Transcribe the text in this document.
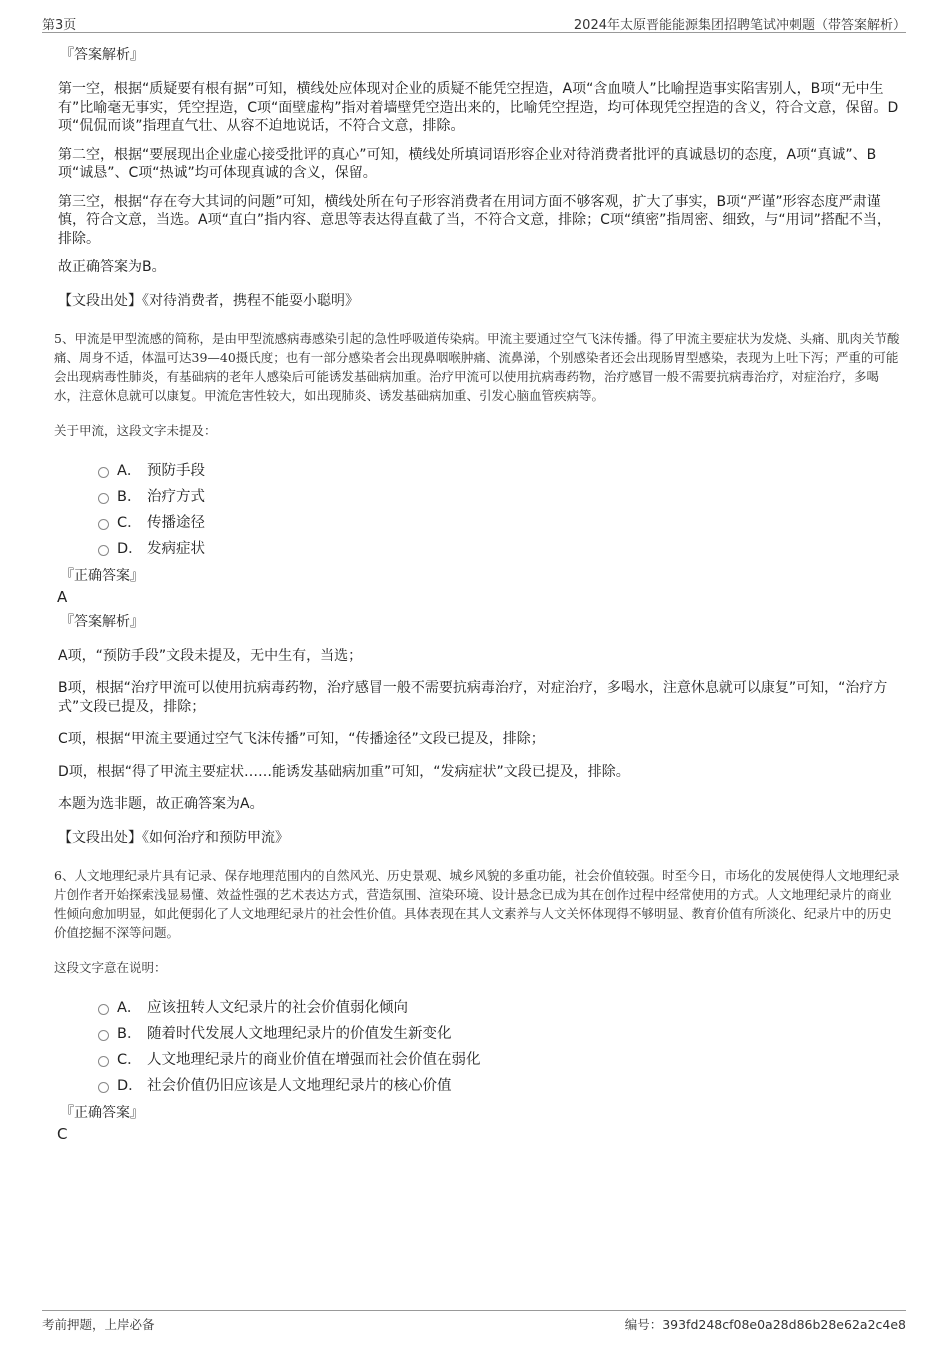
第3页	2024年太原晋能能源集团招聘笔试冲刺题（带答案解析）
『答案解析』
第一空，根据“质疑要有根有据”可知，横线处应体现对企业的质疑不能凭空捏造，A项“含血喷人”比喻捏造事实陷害别人，B项“无中生有”比喻毫无事实，凭空捏造，C项“面壁虚构”指对着墙壁凭空造出来的，比喻凭空捏造，均可体现凭空捏造的含义，符合文意，保留。D项“侃侃而谈”指理直气壮、从容不迫地说话，不符合文意，排除。
第二空，根据“要展现出企业虚心接受批评的真心”可知，横线处所填词语形容企业对待消费者批评的真诚恳切的态度，A项“真诚”、B项“诚恳”、C项“热诚”均可体现真诚的含义，保留。
第三空，根据“存在夸大其词的问题”可知，横线处所在句子形容消费者在用词方面不够客观，扩大了事实，B项“严谨”形容态度严肃谨慎，符合文意，当选。A项“直白”指内容、意思等表达得直截了当，不符合文意，排除；C项“缜密”指周密、细致，与“用词”搭配不当，排除。
故正确答案为B。
【文段出处】《对待消费者，携程不能耍小聪明》
5、甲流是甲型流感的简称，是由甲型流感病毒感染引起的急性呼吸道传染病。甲流主要通过空气飞沫传播。得了甲流主要症状为发烧、头痛、肌肉关节酸痛、周身不适，体温可达39—40摄氏度；也有一部分感染者会出现鼻咽喉肿痛、流鼻涕，个别感染者还会出现肠胃型感染，表现为上吐下泻；严重的可能会出现病毒性肺炎，有基础病的老年人感染后可能诱发基础病加重。治疗甲流可以使用抗病毒药物，治疗感冒一般不需要抗病毒治疗，对症治疗，多喝水，注意休息就可以康复。甲流危害性较大，如出现肺炎、诱发基础病加重、引发心脑血管疾病等。
关于甲流，这段文字未提及：
A． 预防手段
B． 治疗方式
C． 传播途径
D． 发病症状
『正确答案』
A
『答案解析』
A项，“预防手段”文段未提及，无中生有，当选；
B项，根据“治疗甲流可以使用抗病毒药物，治疗感冒一般不需要抗病毒治疗，对症治疗，多喝水，注意休息就可以康复”可知，“治疗方式”文段已提及，排除；
C项，根据“甲流主要通过空气飞沫传播”可知，“传播途径”文段已提及，排除；
D项，根据“得了甲流主要症状……能诱发基础病加重”可知，“发病症状”文段已提及，排除。
本题为选非题，故正确答案为A。
【文段出处】《如何治疗和预防甲流》
6、人文地理纪录片具有记录、保存地理范围内的自然风光、历史景观、城乡风貌的多重功能，社会价值较强。时至今日，市场化的发展使得人文地理纪录片创作者开始探索浅显易懂、效益性强的艺术表达方式，营造氛围、渲染环境、设计悬念已成为其在创作过程中经常使用的方式。人文地理纪录片的商业性倾向愈加明显，如此便弱化了人文地理纪录片的社会性价值。具体表现在其人文素养与人文关怀体现得不够明显、教育价值有所淡化、纪录片中的历史价值挖掘不深等问题。
这段文字意在说明：
A． 应该扭转人文纪录片的社会价值弱化倾向
B． 随着时代发展人文地理纪录片的价值发生新变化
C． 人文地理纪录片的商业价值在增强而社会价值在弱化
D． 社会价值仍旧应该是人文地理纪录片的核心价值
『正确答案』
C
考前押题，上岸必备	编号：393fd248cf08e0a28d86b28e62a2c4e8
